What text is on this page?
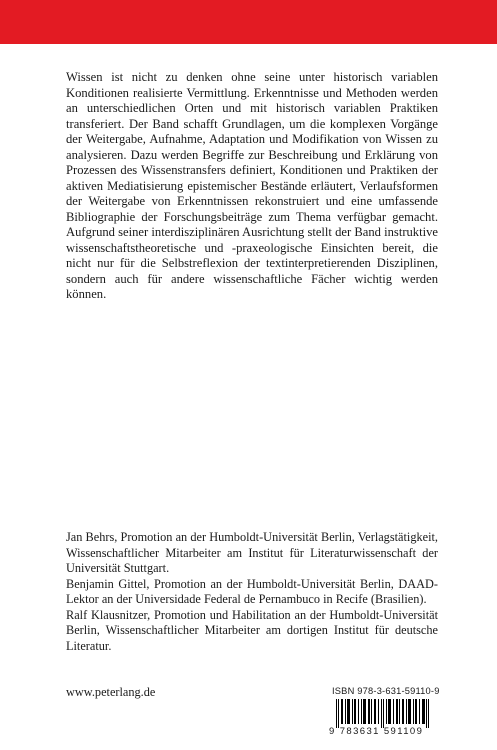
Wissen ist nicht zu denken ohne seine unter historisch variablen Konditionen realisierte Vermittlung. Erkenntnisse und Methoden werden an unterschiedlichen Orten und mit historisch variablen Praktiken transferiert. Der Band schafft Grundlagen, um die komplexen Vorgänge der Weitergabe, Aufnahme, Adaptation und Modifikation von Wissen zu analysieren. Dazu werden Begriffe zur Beschreibung und Erklärung von Prozessen des Wissenstransfers definiert, Konditionen und Praktiken der aktiven Mediatisierung epistemischer Bestände erläutert, Verlaufsformen der Weitergabe von Erkenntnissen rekonstruiert und eine umfassende Bibliographie der Forschungsbeiträge zum Thema verfügbar gemacht. Aufgrund seiner interdisziplinären Ausrichtung stellt der Band instruktive wissenschaftstheoretische und -praxeologische Einsichten bereit, die nicht nur für die Selbstreflexion der textinterpretierenden Disziplinen, sondern auch für andere wissenschaftliche Fächer wichtig werden können.

Jan Behrs, Promotion an der Humboldt-Universität Berlin, Verlagstätigkeit, Wissenschaftlicher Mitarbeiter am Institut für Literaturwissenschaft der Universität Stuttgart.

Benjamin Gittel, Promotion an der Humboldt-Universität Berlin, DAAD-Lektor an der Universidade Federal de Pernambuco in Recife (Brasilien).

Ralf Klausnitzer, Promotion und Habilitation an der Humboldt-Universität Berlin, Wissenschaftlicher Mitarbeiter am dortigen Institut für deutsche Literatur.

www.peterlang.de	ISBN 978-3-631-59110-9
9 783631 591109
